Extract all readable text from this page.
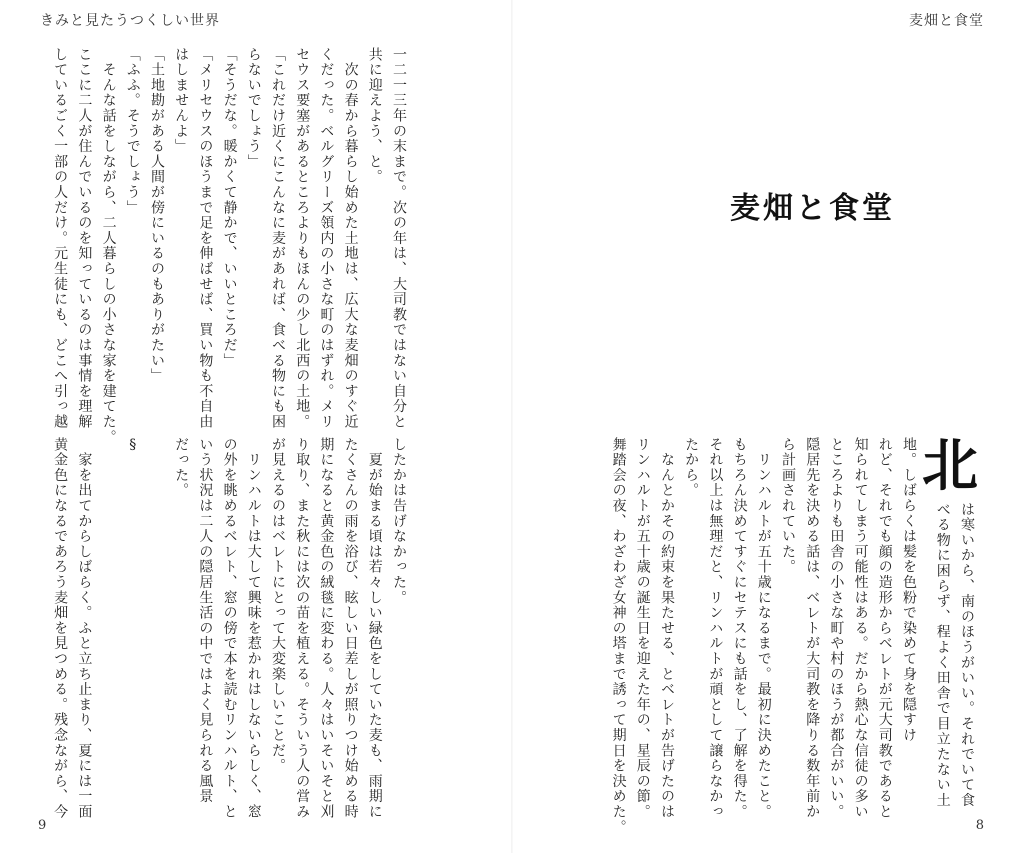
きみと見たうつくしい世界	麦畑と食堂

一二一三年の末まで。次の年は、大司教ではない自分と

共に迎えよう、と。

　次の春から暮らし始めた土地は、広大な麦畑のすぐ近

くだった。ベルグリーズ領内の小さな町のはずれ。メリ

セウス要塞があるところよりもほんの少し北西の土地。

「これだけ近くにこんなに麦があれば、食べる物にも困

らないでしょう」

「そうだな。暖かくて静かで、いいところだ」

「メリセウスのほうまで足を伸ばせば、買い物も不自由

はしませんよ」

「土地勘がある人間が傍にいるのもありがたい」

「ふふ。そうでしょう」

　そんな話をしながら、二人暮らしの小さな家を建てた。

ここに二人が住んでいるのを知っているのは事情を理解

しているごく一部の人だけ。元生徒にも、どこへ引っ越

したかは告げなかった。

　夏が始まる頃は若々しい緑色をしていた麦も、雨期に

たくさんの雨を浴び、眩しい日差しが照りつけ始める時

期になると黄金色の絨毯に変わる。人々はいそいそと刈

り取り、また秋には次の苗を植える。そういう人の営み

が見えるのはベレトにとって大変楽しいことだ。

　リンハルトは大して興味を惹かれはしないらしく、窓

の外を眺めるベレト、窓の傍で本を読むリンハルト、と

いう状況は二人の隠居生活の中ではよく見られる風景

だった。

§

　家を出てからしばらく。ふと立ち止まり、夏には一面

黄金色になるであろう麦畑を見つめる。残念ながら、今

麦畑と食堂
北

は寒いから、南のほうがいい。それでいて食

べる物に困らず、程よく田舎で目立たない土

地。しばらくは髪を色粉で染めて身を隠すけ

れど、それでも顔の造形からベレトが元大司教であると

知られてしまう可能性はある。だから熱心な信徒の多い

ところよりも田舎の小さな町や村のほうが都合がいい。

隠居先を決める話は、ベレトが大司教を降りる数年前か

ら計画されていた。

　リンハルトが五十歳になるまで。最初に決めたこと。

もちろん決めてすぐにセテスにも話をし、了解を得た。

それ以上は無理だと、リンハルトが頑として譲らなかっ

たから。

　なんとかその約束を果たせる、とベレトが告げたのは

リンハルトが五十歳の誕生日を迎えた年の、星辰の節。

舞踏会の夜、わざわざ女神の塔まで誘って期日を決めた。

9	8
